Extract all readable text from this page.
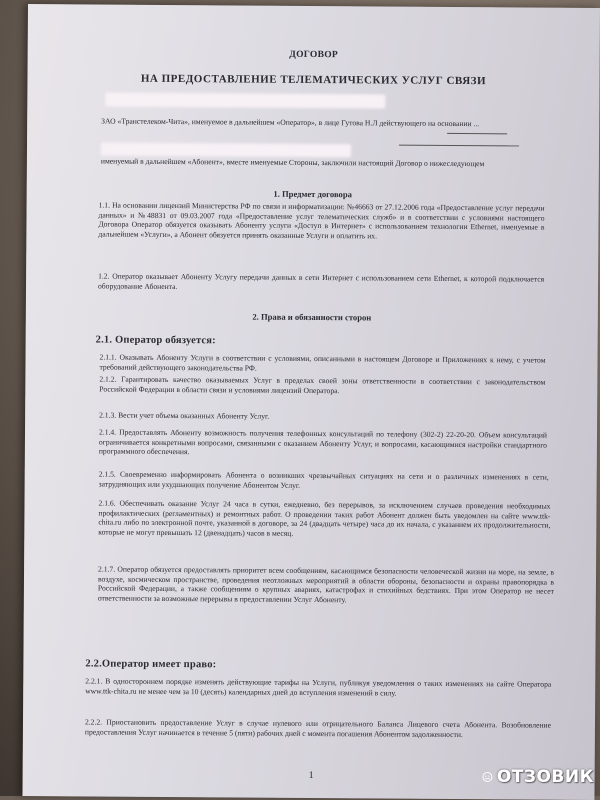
ДОГОВОР
НА ПРЕДОСТАВЛЕНИЕ ТЕЛЕМАТИЧЕСКИХ УСЛУГ СВЯЗИ
ЗАО «Транстелеком-Чита», именуемое в дальнейшем «Оператор», в лице Гутова Н.Л действующего на основании ...
именуемый в дальнейшем «Абонент», вместе именуемые Стороны, заключили настоящий Договор о нижеследующем
1. Предмет договора
1.1. На основании лицензий Министерства РФ по связи и информатизации: №46663 от 27.12.2006 года «Предоставление услуг передачи данных» и №48831 от 09.03.2007 года «Предоставление услуг телематических служб» и в соответствии с условиями настоящего Договора Оператор обязуется оказывать Абоненту услуги «Доступ в Интернет» с использованием технологии Ethernet, именуемые в дальнейшем «Услуги», а Абонент обязуется принять оказанные Услуги и оплатить их.
1.2. Оператор оказывает Абоненту Услугу передачи данных в сети Интернет с использованием сети Ethernet, к которой подключается оборудование Абонента.
2. Права и обязанности сторон
2.1. Оператор обязуется:
2.1.1. Оказывать Абоненту Услуги в соответствии с условиями, описанными в настоящем Договоре и Приложениях к нему, с учетом требований действующего законодательства РФ.
2.1.2. Гарантировать качество оказываемых Услуг в пределах своей зоны ответственности в соответствии с законодательством Российской Федерации в области связи и условиями лицензий Оператора.
2.1.3. Вести учет объема оказанных Абоненту Услуг.
2.1.4. Предоставлять Абоненту возможность получения телефонных консультаций по телефону (302-2) 22-20-20. Объем консультаций ограничивается конкретными вопросами, связанными с оказанием Абоненту Услуг, и вопросами, касающимися настройки стандартного программного обеспечения.
2.1.5. Своевременно информировать Абонента о возникших чрезвычайных ситуациях на сети и о различных изменениях в сети, затрудняющих или ухудшающих получение Абонентом Услуг.
2.1.6. Обеспечивать оказание Услуг 24 часа в сутки, ежедневно, без перерывов, за исключением случаев проведения необходимых профилактических (регламентных) и ремонтных работ. О проведении таких работ Абонент должен быть уведомлен на сайте www.ttk-chita.ru либо по электронной почте, указанной в договоре, за 24 (двадцать четыре) часа до их начала, с указанием их продолжительности, которые не могут превышать 12 (двенадцать) часов в месяц.
2.1.7. Оператор обязуется предоставлять приоритет всем сообщениям, касающимся безопасности человеческой жизни на море, на земле, в воздухе, космическом пространстве, проведения неотложных мероприятий в области обороны, безопасности и охраны правопорядка в Российской Федерации, а также сообщениям о крупных авариях, катастрофах и стихийных бедствиях. При этом Оператор не несет ответственности за возможные перерывы в предоставлении Услуг Абоненту.
2.2.Оператор имеет право:
2.2.1. В одностороннем порядке изменять действующие тарифы на Услуги, публикуя уведомления о таких изменениях на сайте Оператора www.ttk-chita.ru не менее чем за 10 (десять) календарных дней до вступления изменений в силу.
2.2.2. Приостановить предоставление Услуг в случае нулевого или отрицательного Баланса Лицевого счета Абонента. Возобновление предоставления Услуг начинается в течение 5 (пяти) рабочих дней с момента погашения Абонентом задолженности.
1	ОТЗОВИК
